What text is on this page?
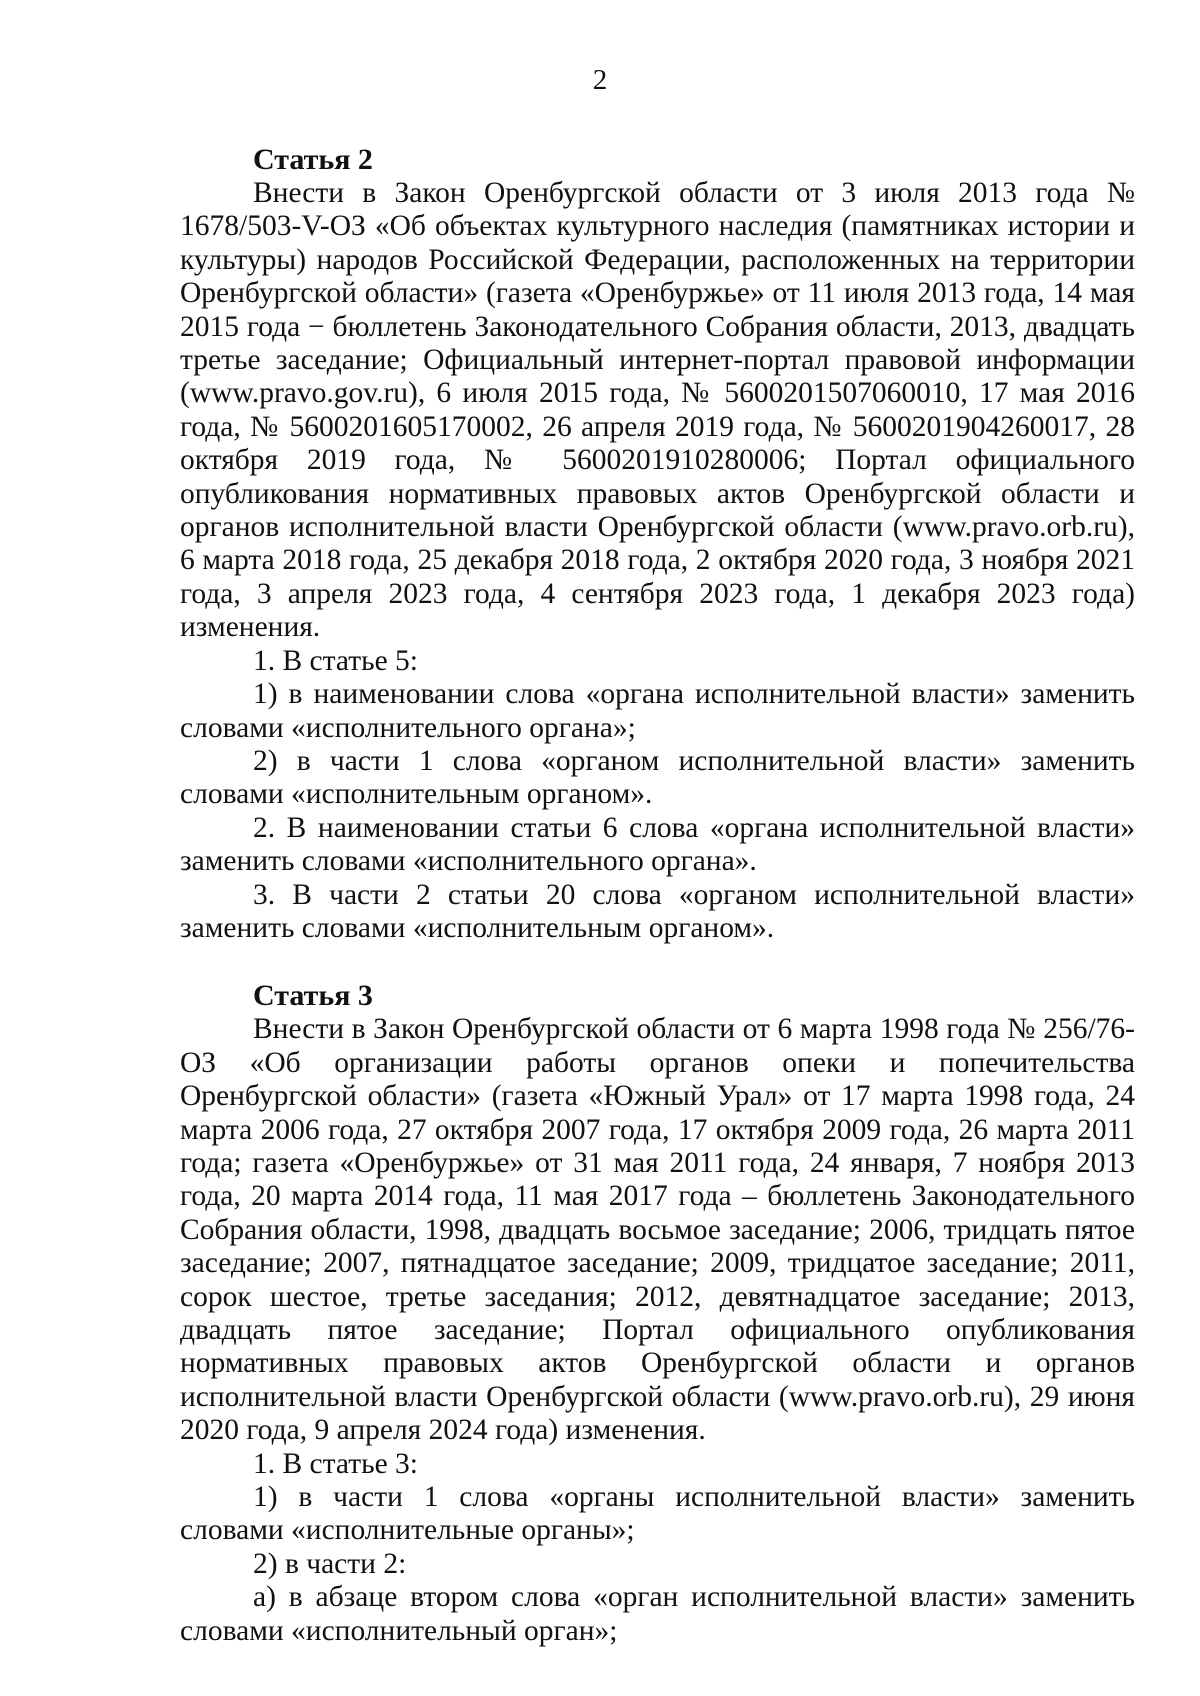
2
Статья 2

Внести в Закон Оренбургской области от 3 июля 2013 года № 1678/503-V-ОЗ «Об объектах культурного наследия (памятниках истории и культуры) народов Российской Федерации, расположенных на территории Оренбургской области» (газета «Оренбуржье» от 11 июля 2013 года, 14 мая 2015 года − бюллетень Законодательного Собрания области, 2013, двадцать третье заседание; Официальный интернет-портал правовой информации (www.pravo.gov.ru), 6 июля 2015 года, № 5600201507060010, 17 мая 2016 года, № 5600201605170002, 26 апреля 2019 года, № 5600201904260017, 28 октября 2019 года, № 5600201910280006; Портал официального опубликования нормативных правовых актов Оренбургской области и органов исполнительной власти Оренбургской области (www.pravo.orb.ru), 6 марта 2018 года, 25 декабря 2018 года, 2 октября 2020 года, 3 ноября 2021 года, 3 апреля 2023 года, 4 сентября 2023 года, 1 декабря 2023 года) изменения.

1. В статье 5:

1) в наименовании слова «органа исполнительной власти» заменить словами «исполнительного органа»;

2) в части 1 слова «органом исполнительной власти» заменить словами «исполнительным органом».

2. В наименовании статьи 6 слова «органа исполнительной власти» заменить словами «исполнительного органа».

3. В части 2 статьи 20 слова «органом исполнительной власти» заменить словами «исполнительным органом».

Статья 3

Внести в Закон Оренбургской области от 6 марта 1998 года № 256/76-ОЗ «Об организации работы органов опеки и попечительства Оренбургской области» (газета «Южный Урал» от 17 марта 1998 года, 24 марта 2006 года, 27 октября 2007 года, 17 октября 2009 года, 26 марта 2011 года; газета «Оренбуржье» от 31 мая 2011 года, 24 января, 7 ноября 2013 года, 20 марта 2014 года, 11 мая 2017 года – бюллетень Законодательного Собрания области, 1998, двадцать восьмое заседание; 2006, тридцать пятое заседание; 2007, пятнадцатое заседание; 2009, тридцатое заседание; 2011, сорок шестое, третье заседания; 2012, девятнадцатое заседание; 2013, двадцать пятое заседание; Портал официального опубликования нормативных правовых актов Оренбургской области и органов исполнительной власти Оренбургской области (www.pravo.orb.ru), 29 июня 2020 года, 9 апреля 2024 года) изменения.

1. В статье 3:

1) в части 1 слова «органы исполнительной власти» заменить словами «исполнительные органы»;

2) в части 2:

а) в абзаце втором слова «орган исполнительной власти» заменить словами «исполнительный орган»;
